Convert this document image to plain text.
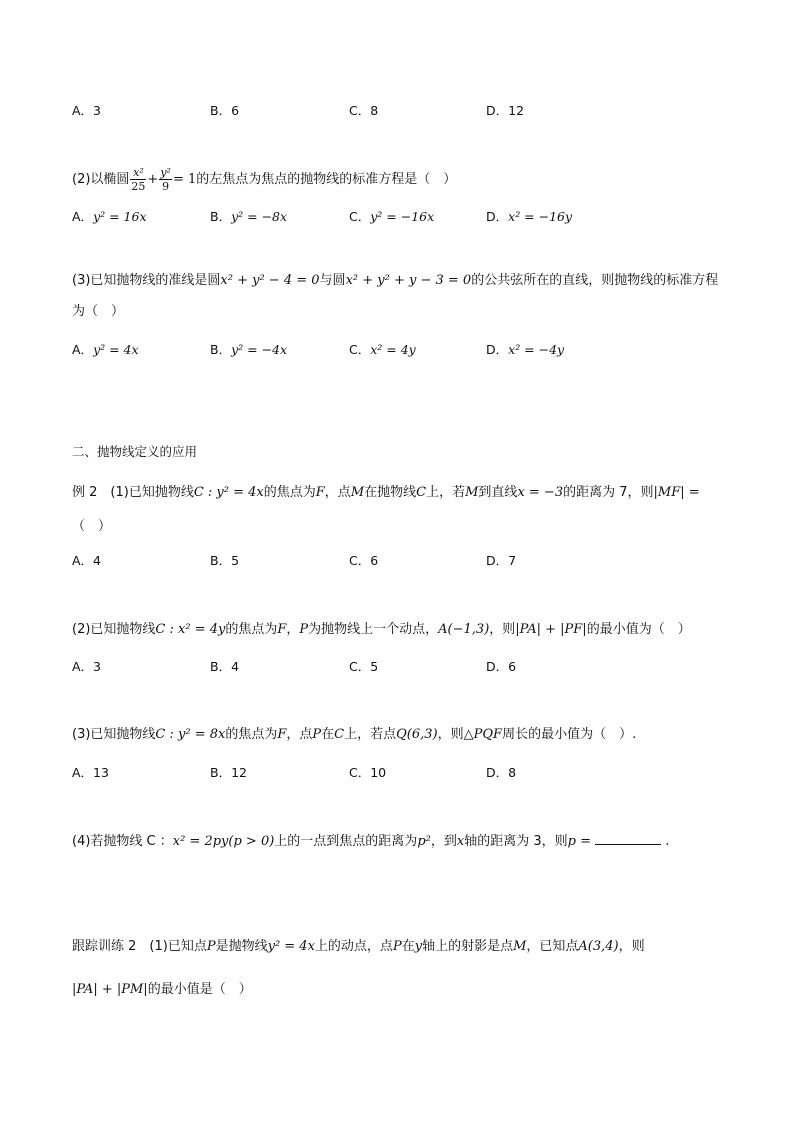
A．3	B．6	C．8	D．12
(2)以椭圆 $\frac{\text{x²}}{25} + \frac{\text{y²}}{9} = 1$的左焦点为焦点的抛物线的标准方程是（　）
A．y² = 16x	B．y² = −8x	C．y² = −16x	D．x² = −16y
(3)已知抛物线的准线是圆x² + y² − 4 = 0与圆x² + y² + y − 3 = 0的公共弦所在的直线，则抛物线的标准方程
为（　）
A．y² = 4x	B．y² = −4x	C．x² = 4y	D．x² = −4y
二、抛物线定义的应用
例 2　(1)已知抛物线C : y² = 4x的焦点为F，点M在抛物线C上，若M到直线x = −3的距离为 7，则|MF| =
（　）
A．4	B．5	C．6	D．7
(2)已知抛物线C : x² = 4y的焦点为F，P为抛物线上一个动点，A(−1,3)，则|PA| + |PF|的最小值为（　）
A．3	B．4	C．5	D．6
(3)已知抛物线C : y² = 8x的焦点为F，点P在C上，若点Q(6,3)，则△PQF周长的最小值为（　）.
A．13	B．12	C．10	D．8
(4)若抛物线 C ：x² = 2py(p > 0)上的一点到焦点的距离为p²，到x轴的距离为 3，则p =	.
跟踪训练 2　(1)已知点P是抛物线y² = 4x上的动点，点P在y轴上的射影是点M，已知点A(3,4)，则
|PA| + |PM|的最小值是（　）
